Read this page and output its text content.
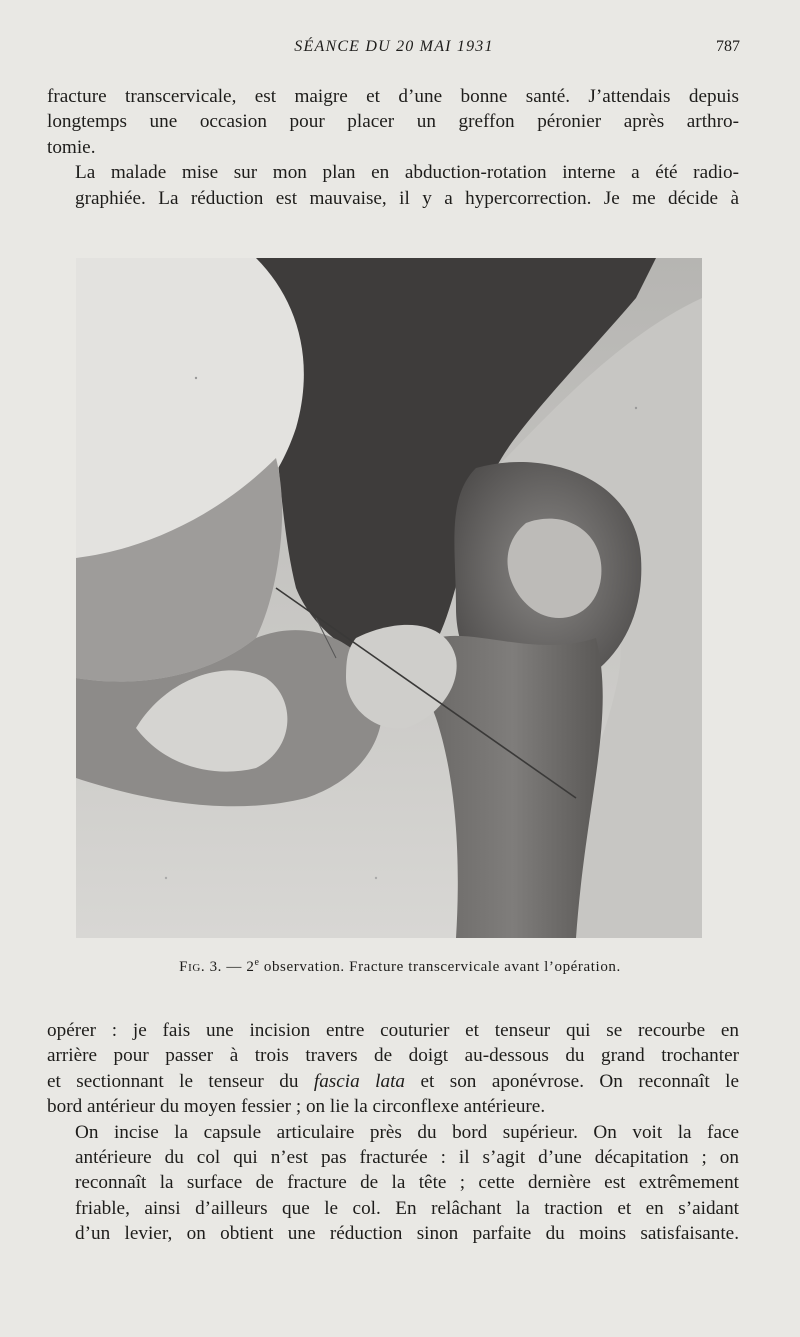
SÉANCE DU 20 MAI 1931	787

fracture transcervicale, est maigre et d’une bonne santé. J’attendais depuis
longtemps une occasion pour placer un greffon péronier après arthro-
tomie.

La malade mise sur mon plan en abduction-rotation interne a été radio-
graphiée. La réduction est mauvaise, il y a hypercorrection. Je me décide à

Fig. 3. — 2e observation. Fracture transcervicale avant l’opération.

opérer : je fais une incision entre couturier et tenseur qui se recourbe en
arrière pour passer à trois travers de doigt au-dessous du grand trochanter
et sectionnant le tenseur du fascia lata et son aponévrose. On reconnaît le
bord antérieur du moyen fessier ; on lie la circonflexe antérieure.

On incise la capsule articulaire près du bord supérieur. On voit la face
antérieure du col qui n’est pas fracturée : il s’agit d’une décapitation ; on
reconnaît la surface de fracture de la tête ; cette dernière est extrêmement
friable, ainsi d’ailleurs que le col. En relâchant la traction et en s’aidant
d’un levier, on obtient une réduction sinon parfaite du moins satisfaisante.
